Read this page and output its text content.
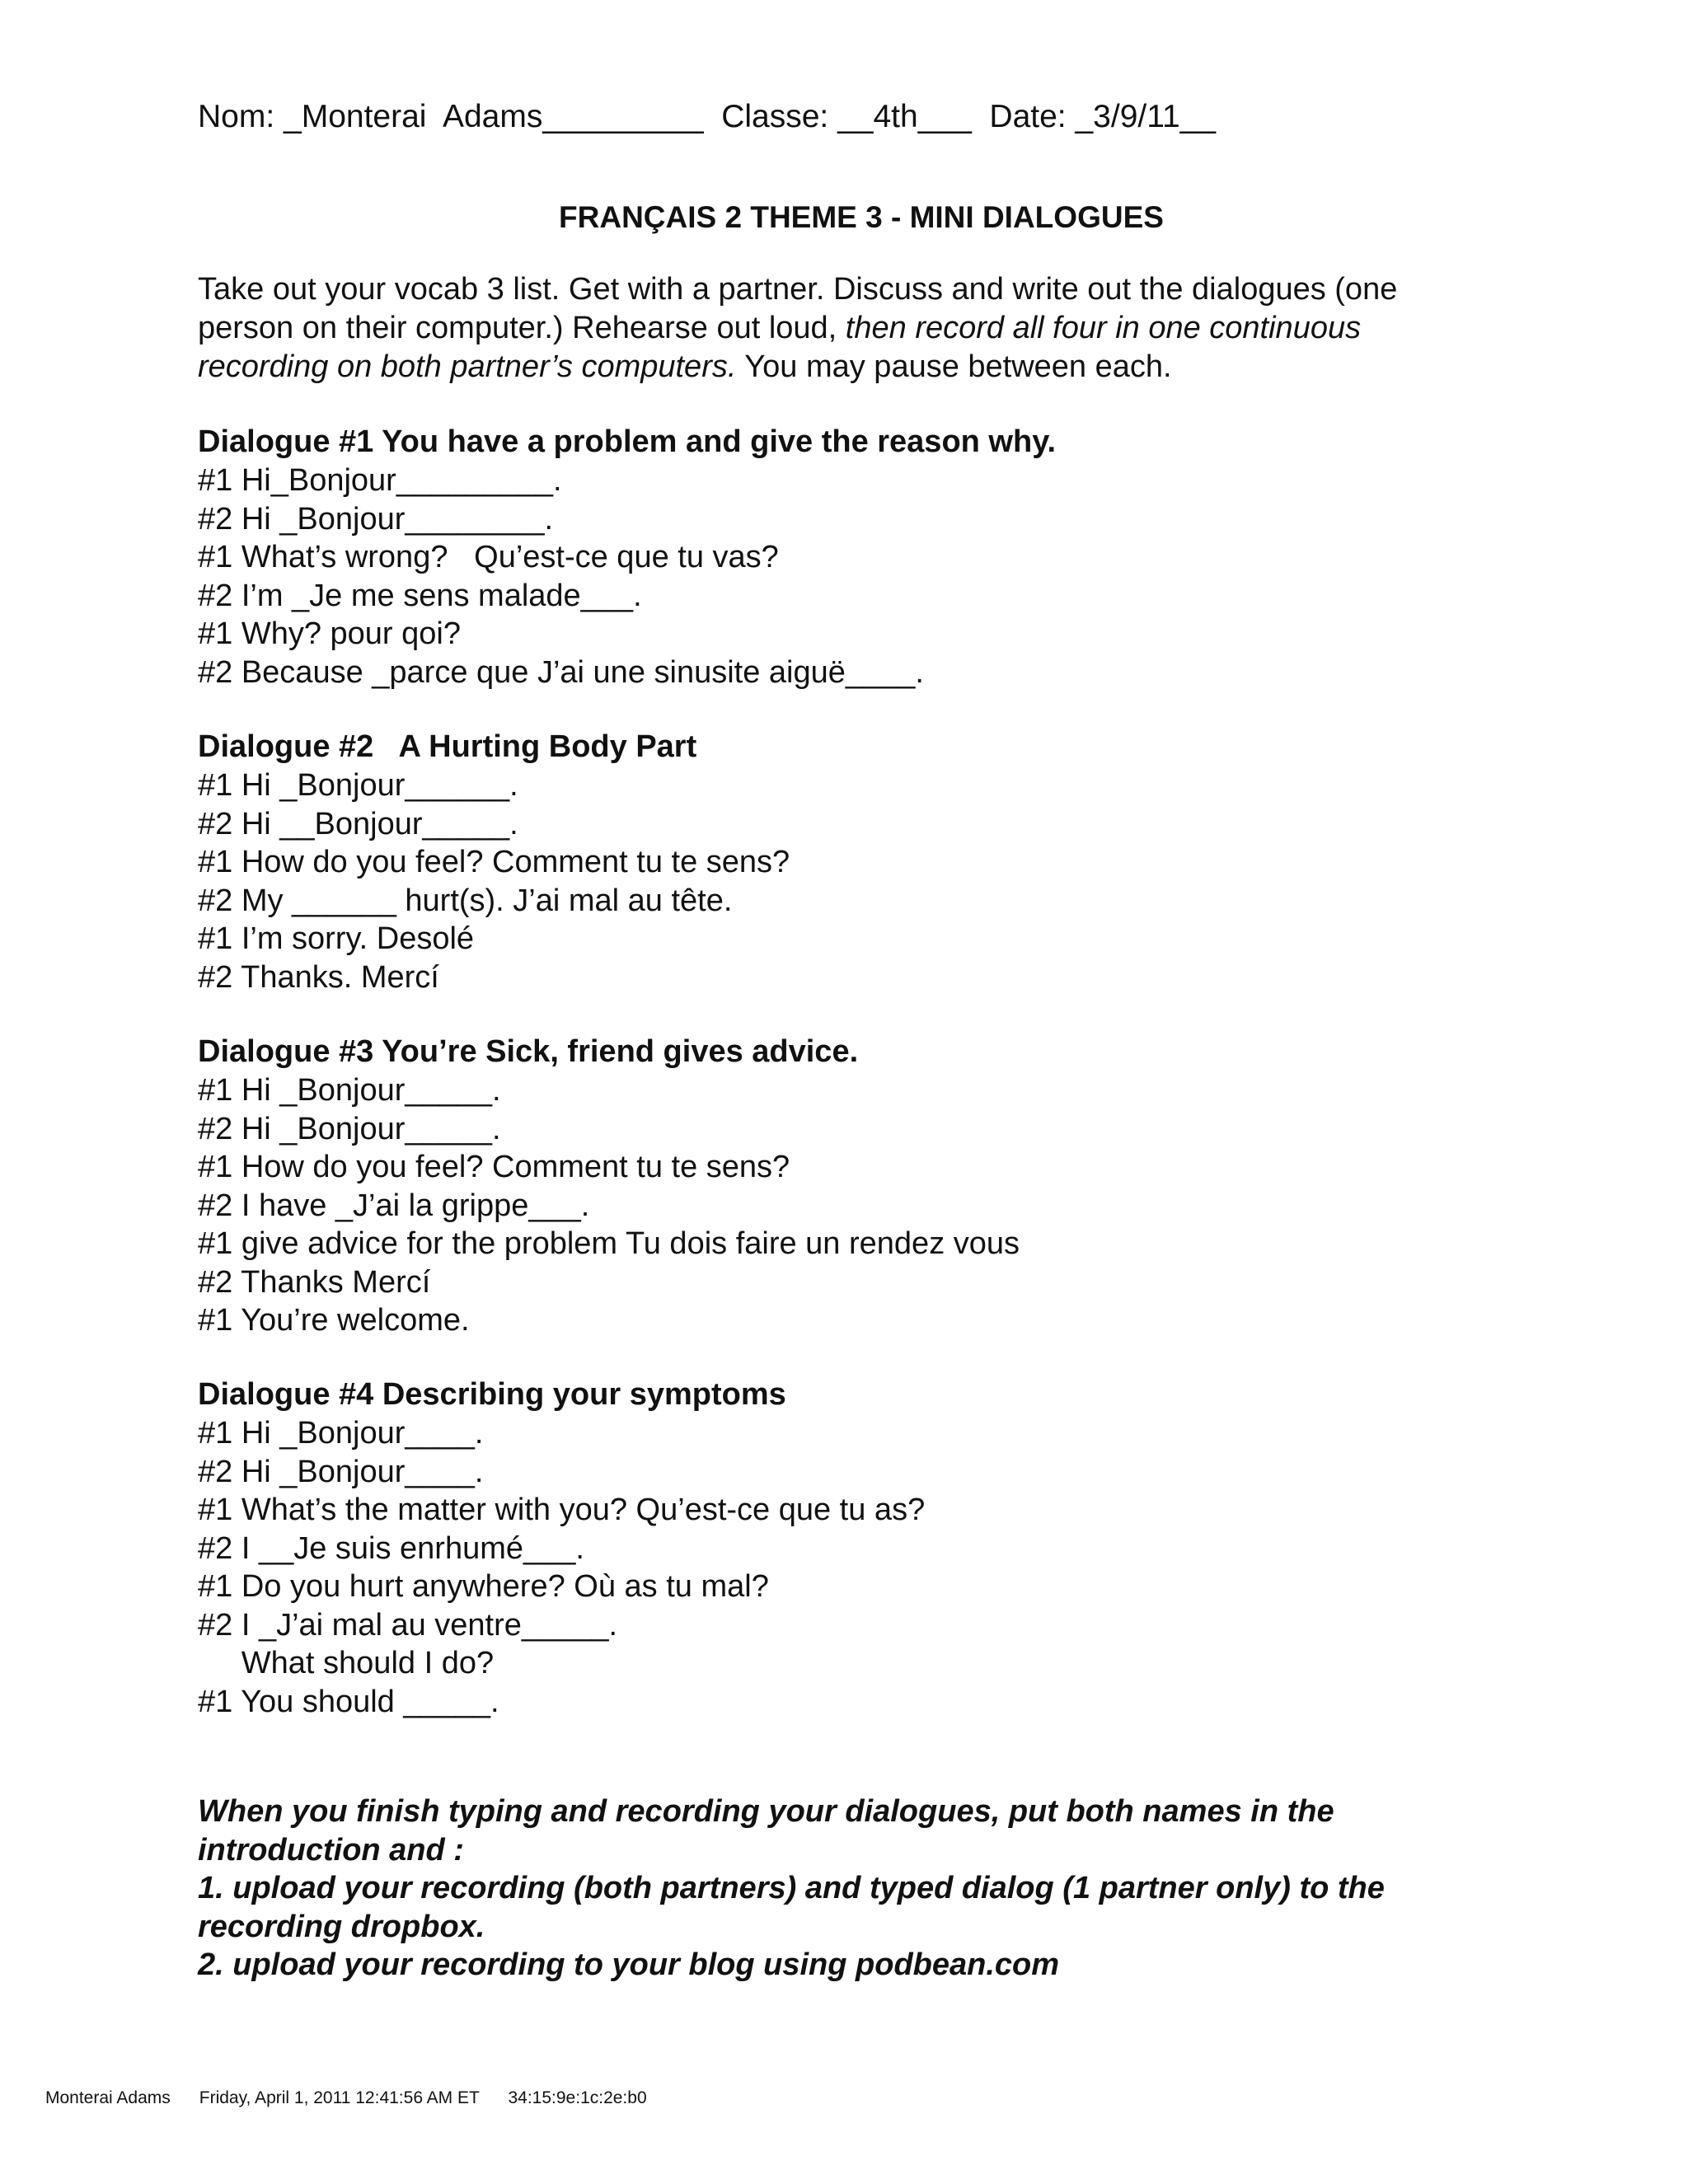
Nom: _Monterai  Adams_________  Classe: __4th___  Date: _3/9/11__
FRANÇAIS 2 THEME 3 - MINI DIALOGUES
Take out your vocab 3 list. Get with a partner. Discuss and write out the dialogues (one person on their computer.) Rehearse out loud, then record all four in one continuous recording on both partner’s computers. You may pause between each.
Dialogue #1 You have a problem and give the reason why.
#1 Hi_Bonjour_________.
#2 Hi _Bonjour________.
#1 What’s wrong?   Qu’est-ce que tu vas?
#2 I’m _Je me sens malade___.
#1 Why? pour qoi?
#2 Because _parce que J’ai une sinusite aiguë____.
Dialogue #2   A Hurting Body Part
#1 Hi _Bonjour______.
#2 Hi __Bonjour_____.
#1 How do you feel? Comment tu te sens?
#2 My ______ hurt(s). J’ai mal au tête.
#1 I’m sorry. Desolé
#2 Thanks. Mercí
Dialogue #3 You’re Sick, friend gives advice.
#1 Hi _Bonjour_____.
#2 Hi _Bonjour_____.
#1 How do you feel? Comment tu te sens?
#2 I have _J’ai la grippe___.
#1 give advice for the problem Tu dois faire un rendez vous
#2 Thanks Mercí
#1 You’re welcome.
Dialogue #4 Describing your symptoms
#1 Hi _Bonjour____.
#2 Hi _Bonjour____.
#1 What’s the matter with you? Qu’est-ce que tu as?
#2 I __Je suis enrhumé___.
#1 Do you hurt anywhere? Où as tu mal?
#2 I _J’ai mal au ventre_____.
What should I do?
#1 You should _____.
When you finish typing and recording your dialogues, put both names in the introduction and :
1. upload your recording (both partners) and typed dialog (1 partner only) to the recording dropbox.
2. upload your recording to your blog using podbean.com
Monterai Adams Friday, April 1, 2011 12:41:56 AM ET 34:15:9e:1c:2e:b0
